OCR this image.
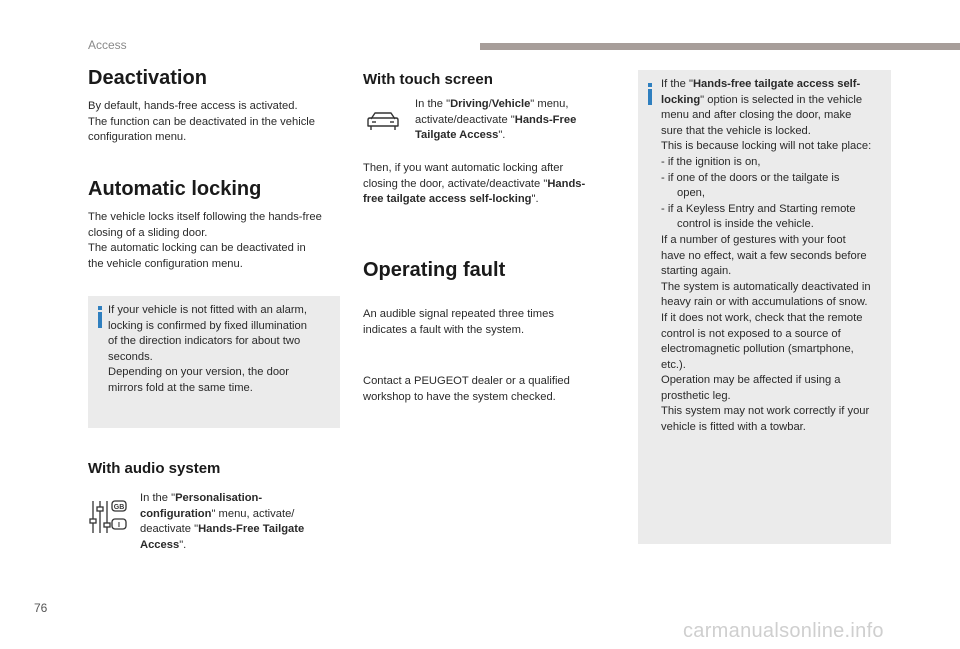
Access
Deactivation

By default, hands-free access is activated.

The function can be deactivated in the vehicle

configuration menu.

Automatic locking

The vehicle locks itself following the hands-free

closing of a sliding door.

The automatic locking can be deactivated in

the vehicle configuration menu.

If your vehicle is not fitted with an alarm,

locking is confirmed by fixed illumination

of the direction indicators for about two

seconds.

Depending on your version, the door

mirrors fold at the same time.

With audio system
GB
I

In the "Personalisation-

configuration" menu, activate/

deactivate "Hands-Free Tailgate

Access".

With touch screen

In the "Driving/Vehicle" menu,

activate/deactivate "Hands-Free

Tailgate Access".

Then, if you want automatic locking after

closing the door, activate/deactivate "Hands-

free tailgate access self-locking".

Operating fault

An audible signal repeated three times

indicates a fault with the system.

Contact a PEUGEOT dealer or a qualified

workshop to have the system checked.

If the "Hands-free tailgate access self-

locking" option is selected in the vehicle

menu and after closing the door, make

sure that the vehicle is locked.

This is because locking will not take place:

- if the ignition is on,

- if one of the doors or the tailgate is

open,

- if a Keyless Entry and Starting remote

control is inside the vehicle.

If a number of gestures with your foot

have no effect, wait a few seconds before

starting again.

The system is automatically deactivated in

heavy rain or with accumulations of snow.

If it does not work, check that the remote

control is not exposed to a source of

electromagnetic pollution (smartphone,

etc.).

Operation may be affected if using a

prosthetic leg.

This system may not work correctly if your

vehicle is fitted with a towbar.

76
carmanualsonline.info
